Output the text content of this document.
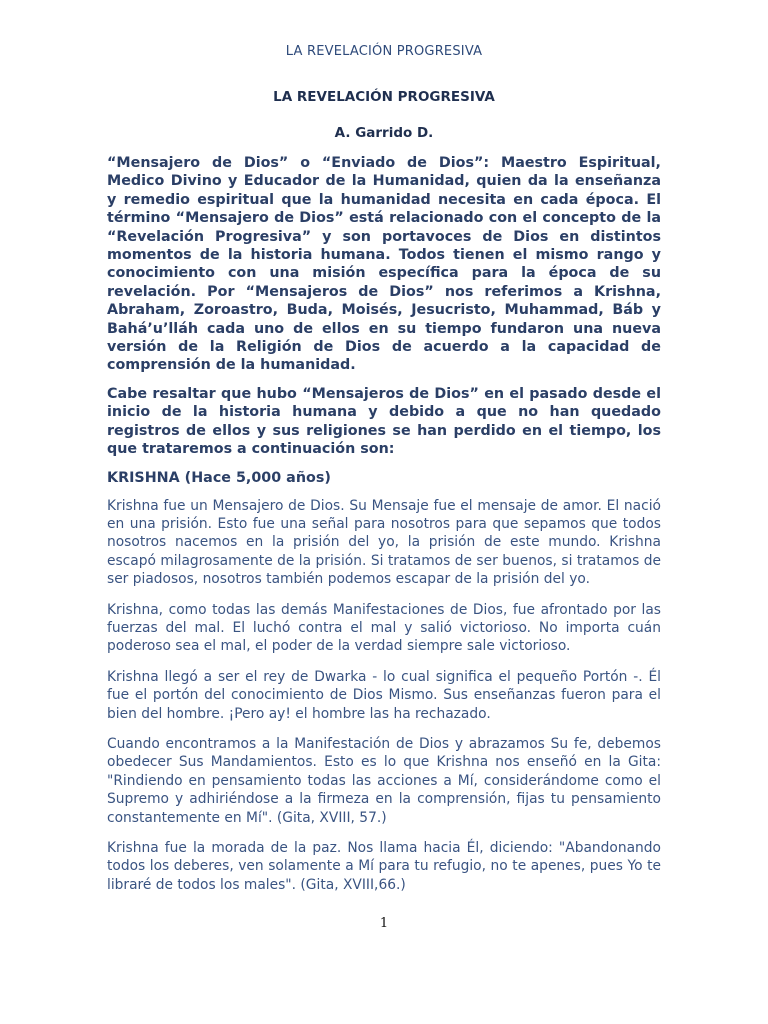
LA REVELACIÓN PROGRESIVA
LA REVELACIÓN PROGRESIVA
A. Garrido D.

“Mensajero de Dios” o “Enviado de Dios”: Maestro Espiritual, Medico Divino y Educador de la Humanidad, quien da la enseñanza y remedio espiritual que la humanidad necesita en cada época. El término “Mensajero de Dios” está relacionado con el concepto de la “Revelación Progresiva” y son portavoces de Dios en distintos momentos de la historia humana. Todos tienen el mismo rango y conocimiento con una misión específica para la época de su revelación. Por “Mensajeros de Dios” nos referimos a Krishna, Abraham, Zoroastro, Buda, Moisés, Jesucristo, Muhammad, Báb y Bahá’u’lláh cada uno de ellos en su tiempo fundaron una nueva versión de la Religión de Dios de acuerdo a la capacidad de comprensión de la humanidad.

Cabe resaltar que hubo “Mensajeros de Dios” en el pasado desde el inicio de la historia humana y debido a que no han quedado registros de ellos y sus religiones se han perdido en el tiempo, los que trataremos a continuación son:

KRISHNA (Hace 5,000 años)

Krishna fue un Mensajero de Dios. Su Mensaje fue el mensaje de amor. El nació en una prisión. Esto fue una señal para nosotros para que sepamos que todos nosotros nacemos en la prisión del yo, la prisión de este mundo. Krishna escapó milagrosamente de la prisión. Si tratamos de ser buenos, si tratamos de ser piadosos, nosotros también podemos escapar de la prisión del yo.

Krishna, como todas las demás Manifestaciones de Dios, fue afrontado por las fuerzas del mal. El luchó contra el mal y salió victorioso. No importa cuán poderoso sea el mal, el poder de la verdad siempre sale victorioso.

Krishna llegó a ser el rey de Dwarka - lo cual significa el pequeño Portón -. Él fue el portón del conocimiento de Dios Mismo. Sus enseñanzas fueron para el bien del hombre. ¡Pero ay! el hombre las ha rechazado.

Cuando encontramos a la Manifestación de Dios y abrazamos Su fe, debemos obedecer Sus Mandamientos. Esto es lo que Krishna nos enseñó en la Gita: "Rindiendo en pensamiento todas las acciones a Mí, considerándome como el Supremo y adhiriéndose a la firmeza en la comprensión, fijas tu pensamiento constantemente en Mí". (Gita, XVIII, 57.)

Krishna fue la morada de la paz. Nos llama hacia Él, diciendo: "Abandonando todos los deberes, ven solamente a Mí para tu refugio, no te apenes, pues Yo te libraré de todos los males". (Gita, XVIII,66.)

1
